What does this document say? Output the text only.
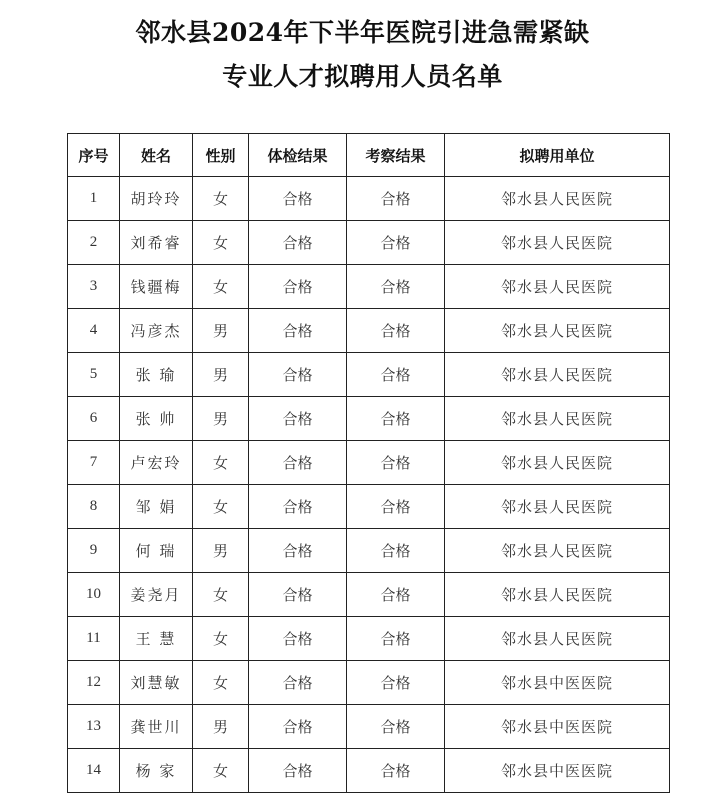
邻水县2024年下半年医院引进急需紧缺
专业人才拟聘用人员名单
序号	姓名	性别	体检结果	考察结果	拟聘用单位
1	胡玲玲	女	合格	合格	邻水县人民医院
2	刘希睿	女	合格	合格	邻水县人民医院
3	钱疆梅	女	合格	合格	邻水县人民医院
4	冯彦杰	男	合格	合格	邻水县人民医院
5	张 瑜	男	合格	合格	邻水县人民医院
6	张 帅	男	合格	合格	邻水县人民医院
7	卢宏玲	女	合格	合格	邻水县人民医院
8	邹 娟	女	合格	合格	邻水县人民医院
9	何 瑞	男	合格	合格	邻水县人民医院
10	姜尧月	女	合格	合格	邻水县人民医院
11	王 慧	女	合格	合格	邻水县人民医院
12	刘慧敏	女	合格	合格	邻水县中医医院
13	龚世川	男	合格	合格	邻水县中医医院
14	杨 家	女	合格	合格	邻水县中医医院
